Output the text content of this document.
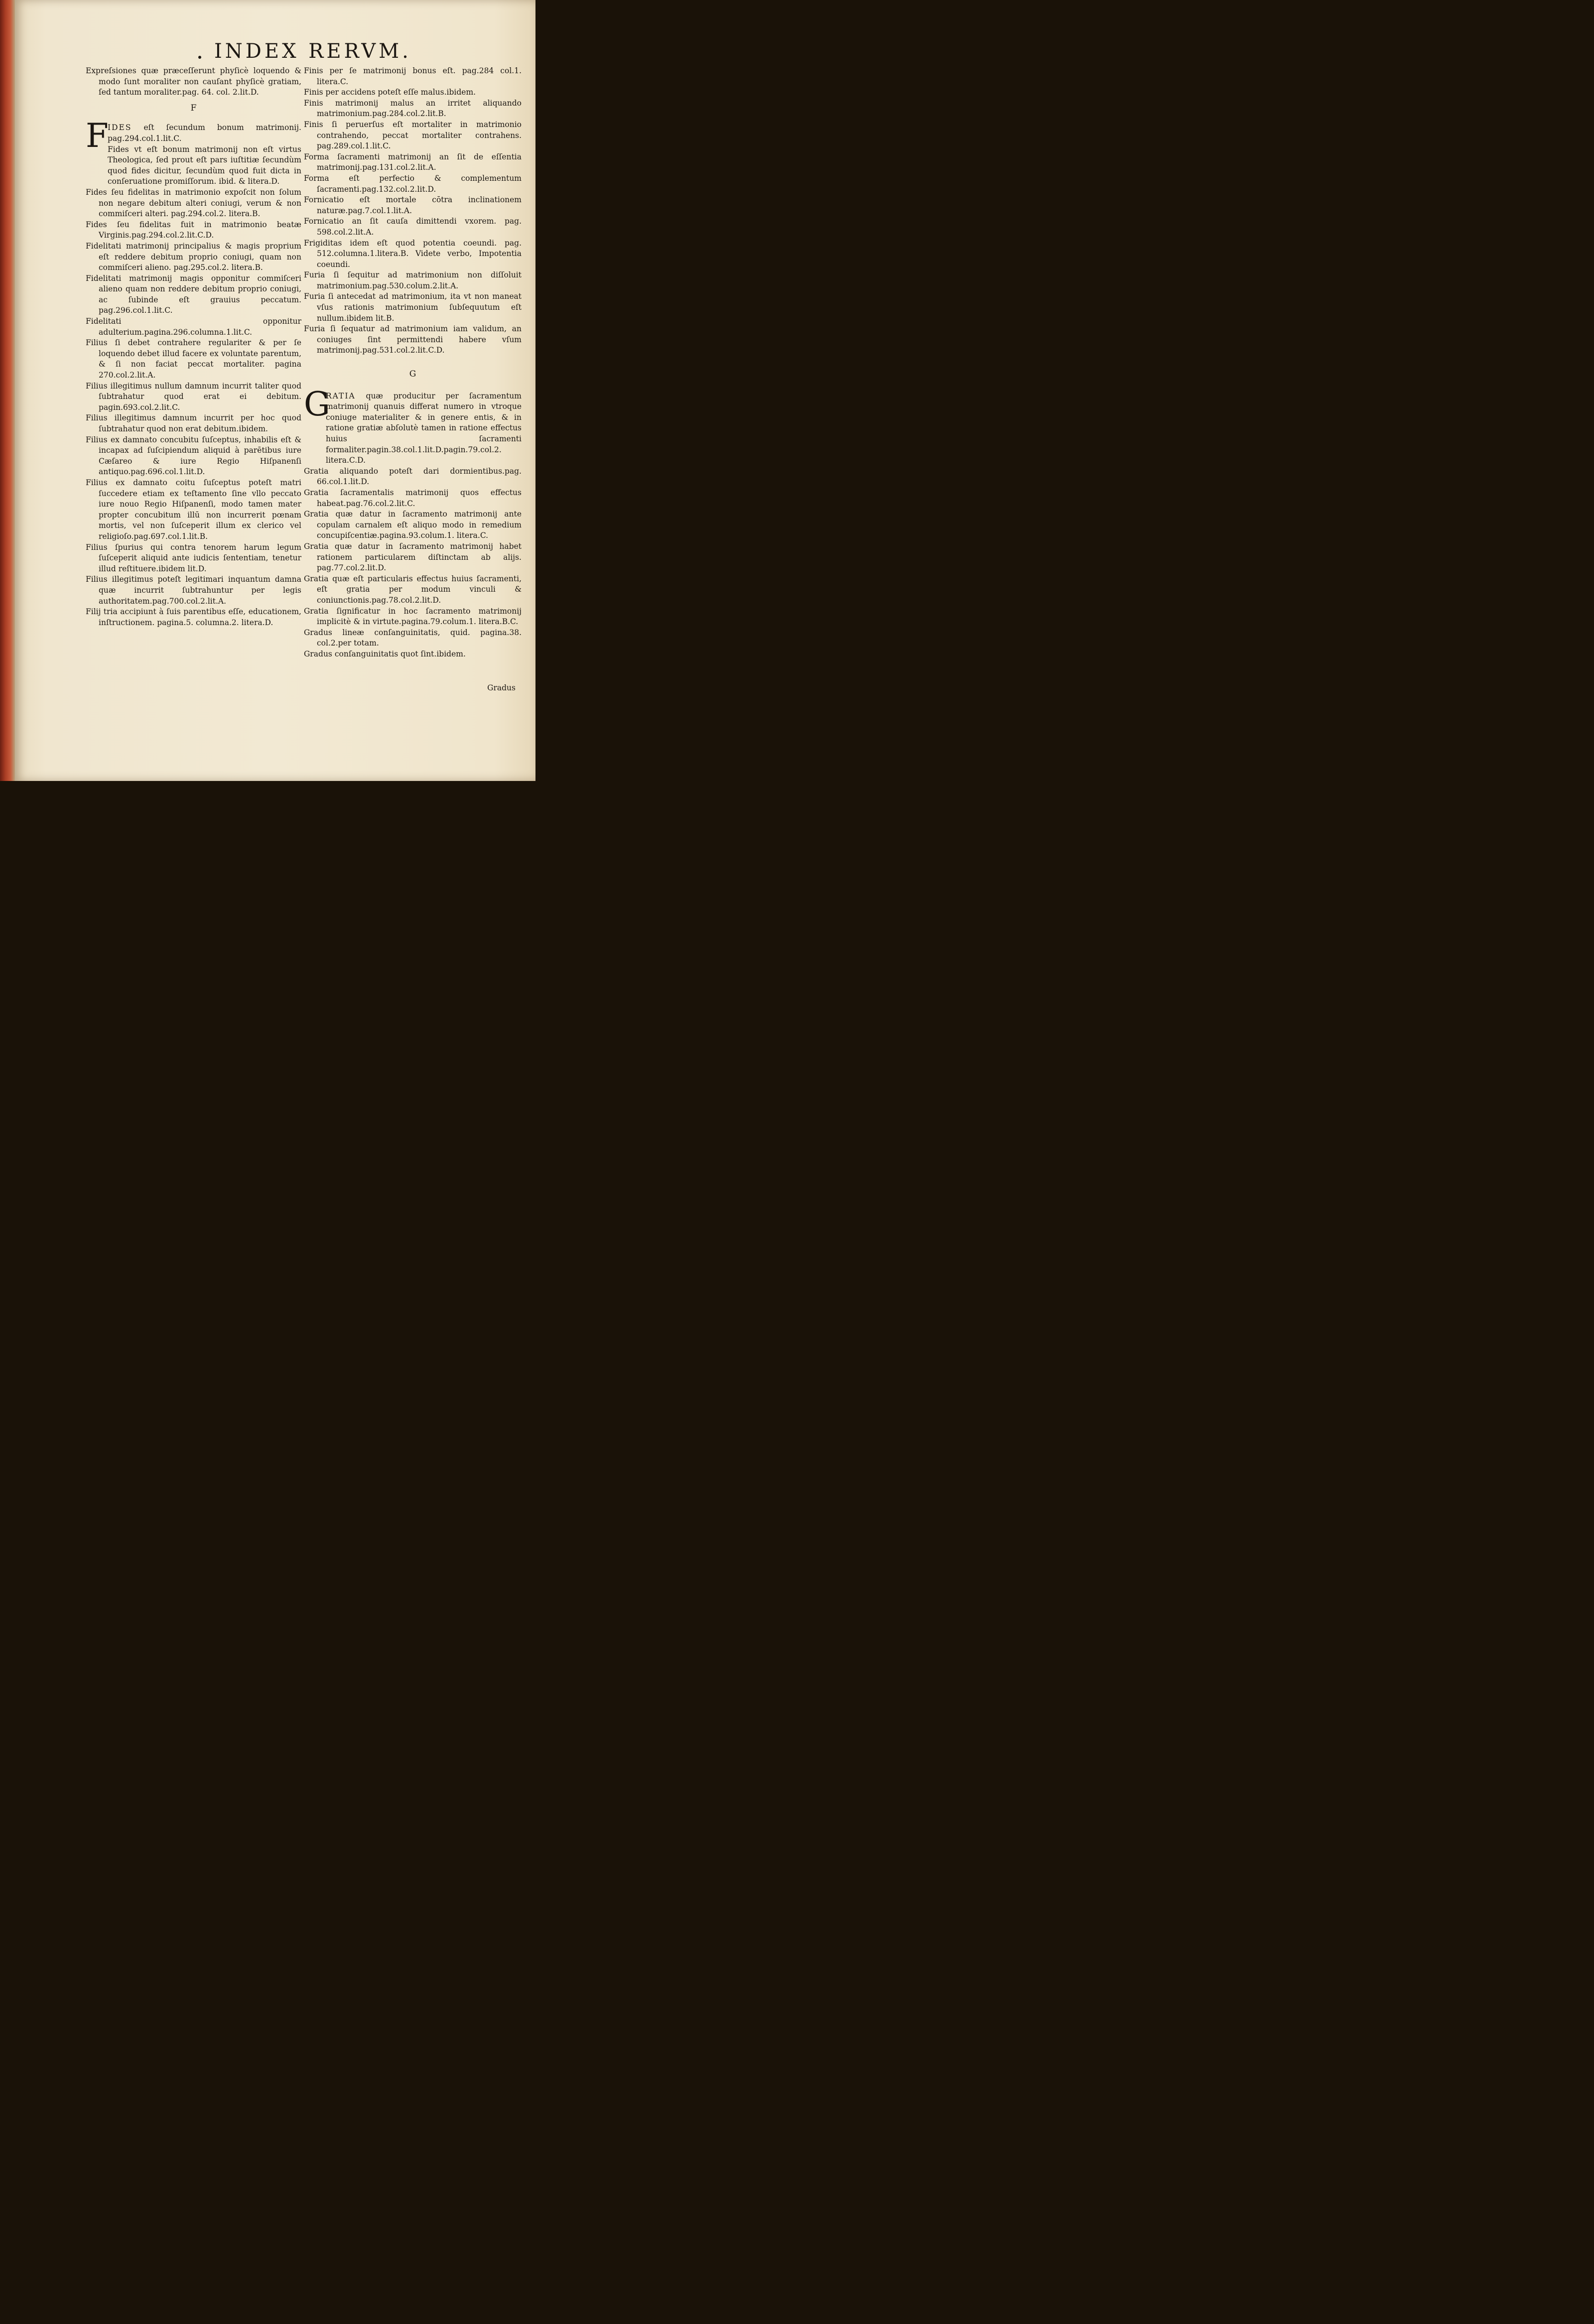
INDEX RERVM.

Expreſsiones quæ præceſſerunt phyſicè loquendo & modo ſunt moraliter non cauſant phyſicè gratiam, ſed tantum moraliter.pag. 64. col. 2.lit.D.

F

F
IDES eſt ſecundum bonum matrimonij. pag.294.col.1.lit.C.
Fides vt eſt bonum matrimonij non eſt virtus Theologica, ſed prout eſt pars iuſtitiæ ſecundùm quod fides dicitur, ſecundùm quod fuit dicta in conſeruatione promiſſorum. ibid. & litera.D.

Fides ſeu fidelitas in matrimonio expoſcit non ſolum non negare debitum alteri coniugi, verum & non commiſceri alteri. pag.294.col.2. litera.B.

Fides ſeu fidelitas fuit in matrimonio beatæ Virginis.pag.294.col.2.lit.C.D.

Fidelitati matrimonij principalius & magis proprium eſt reddere debitum proprio coniugi, quam non commiſceri alieno. pag.295.col.2. litera.B.

Fidelitati matrimonij magis opponitur commiſceri alieno quam non reddere debitum proprio coniugi, ac ſubinde eſt grauius peccatum. pag.296.col.1.lit.C.

Fidelitati opponitur adulterium.pagina.296.columna.1.lit.C.

Filius ſi debet contrahere regulariter & per ſe loquendo debet illud facere ex voluntate parentum, & ſi non faciat peccat mortaliter. pagina 270.col.2.lit.A.

Filius illegitimus nullum damnum incurrit taliter quod ſubtrahatur quod erat ei debitum. pagin.693.col.2.lit.C.

Filius illegitimus damnum incurrit per hoc quod ſubtrahatur quod non erat debitum.ibidem.

Filius ex damnato concubitu ſuſceptus, inhabilis eſt & incapax ad ſuſcipiendum aliquid à parētibus iure Cæſareo & iure Regio Hiſpanenſi antiquo.pag.696.col.1.lit.D.

Filius ex damnato coitu ſuſceptus poteſt matri ſuccedere etiam ex teſtamento ſine vllo peccato iure nouo Regio Hiſpanenſi, modo tamen mater propter concubitum illū non incurrerit pœnam mortis, vel non ſuſceperit illum ex clerico vel religioſo.pag.697.col.1.lit.B.

Filius ſpurius qui contra tenorem harum legum ſuſceperit aliquid ante iudicis ſententiam, tenetur illud reſtituere.ibidem lit.D.

Filius illegitimus poteſt legitimari inquantum damna quæ incurrit ſubtrahuntur per legis authoritatem.pag.700.col.2.lit.A.

Filij tria accipiunt à ſuis parentibus eſſe, educationem, inſtructionem. pagina.5. columna.2. litera.D.

Finis per ſe matrimonij bonus eſt. pag.284 col.1. litera.C.

Finis per accidens poteſt eſſe malus.ibidem.

Finis matrimonij malus an irritet aliquando matrimonium.pag.284.col.2.lit.B.

Finis ſi peruerſus eſt mortaliter in matrimonio contrahendo, peccat mortaliter contrahens. pag.289.col.1.lit.C.

Forma ſacramenti matrimonij an ſit de eſſentia matrimonij.pag.131.col.2.lit.A.

Forma eſt perfectio & complementum ſacramenti.pag.132.col.2.lit.D.

Fornicatio eſt mortale cōtra inclinationem naturæ.pag.7.col.1.lit.A.

Fornicatio an ſit cauſa dimittendi vxorem. pag. 598.col.2.lit.A.

Frigiditas idem eſt quod potentia coeundi. pag. 512.columna.1.litera.B. Videte verbo, Impotentia coeundi.

Furia ſi ſequitur ad matrimonium non diſſoluit matrimonium.pag.530.colum.2.lit.A.

Furia ſi antecedat ad matrimonium, ita vt non maneat vſus rationis matrimonium ſubſequutum eſt nullum.ibidem lit.B.

Furia ſi ſequatur ad matrimonium iam validum, an coniuges ſint permittendi habere vſum matrimonij.pag.531.col.2.lit.C.D.

G

G
RATIA quæ producitur per ſacramentum matrimonij quanuis differat numero in vtroque coniuge materialiter & in genere entis, & in ratione gratiæ abſolutè tamen in ratione effectus huius ſacramenti formaliter.pagin.38.col.1.lit.D.pagin.79.col.2. litera.C.D.

Gratia aliquando poteſt dari dormientibus.pag. 66.col.1.lit.D.

Gratia ſacramentalis matrimonij quos effectus habeat.pag.76.col.2.lit.C.

Gratia quæ datur in ſacramento matrimonij ante copulam carnalem eſt aliquo modo in remedium concupiſcentiæ.pagina.93.colum.1. litera.C.

Gratia quæ datur in ſacramento matrimonij habet rationem particularem diſtinctam ab alijs. pag.77.col.2.lit.D.

Gratia quæ eſt particularis effectus huius ſacramenti, eſt gratia per modum vinculi & coniunctionis.pag.78.col.2.lit.D.

Gratia ſignificatur in hoc ſacramento matrimonij implicitè & in virtute.pagina.79.colum.1. litera.B.C.

Gradus lineæ conſanguinitatis, quid. pagina.38. col.2.per totam.

Gradus conſanguinitatis quot ſint.ibidem.

Gradus
